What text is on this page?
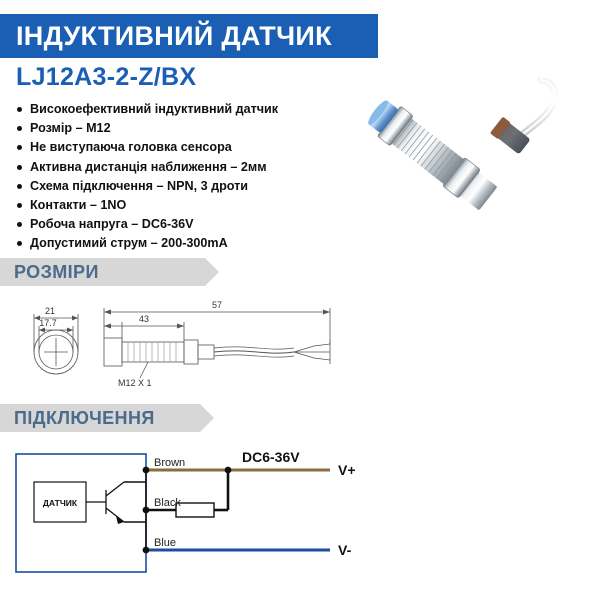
ІНДУКТИВНИЙ ДАТЧИК
LJ12A3-2-Z/BX
Високоефективний індуктивний датчик
Розмір – M12
Не виступаюча головка сенсора
Активна дистанція наближення – 2мм
Схема підключення – NPN, 3 дроти
Контакти – 1NO
Робоча напруга – DC6-36V
Допустимий струм – 200-300mA
РОЗМІРИ
21
17.7
57
43
M12 X 1
ПІДКЛЮЧЕННЯ
ДАТЧИК
Brown
Black
Blue
DC6-36V
V+
V-
